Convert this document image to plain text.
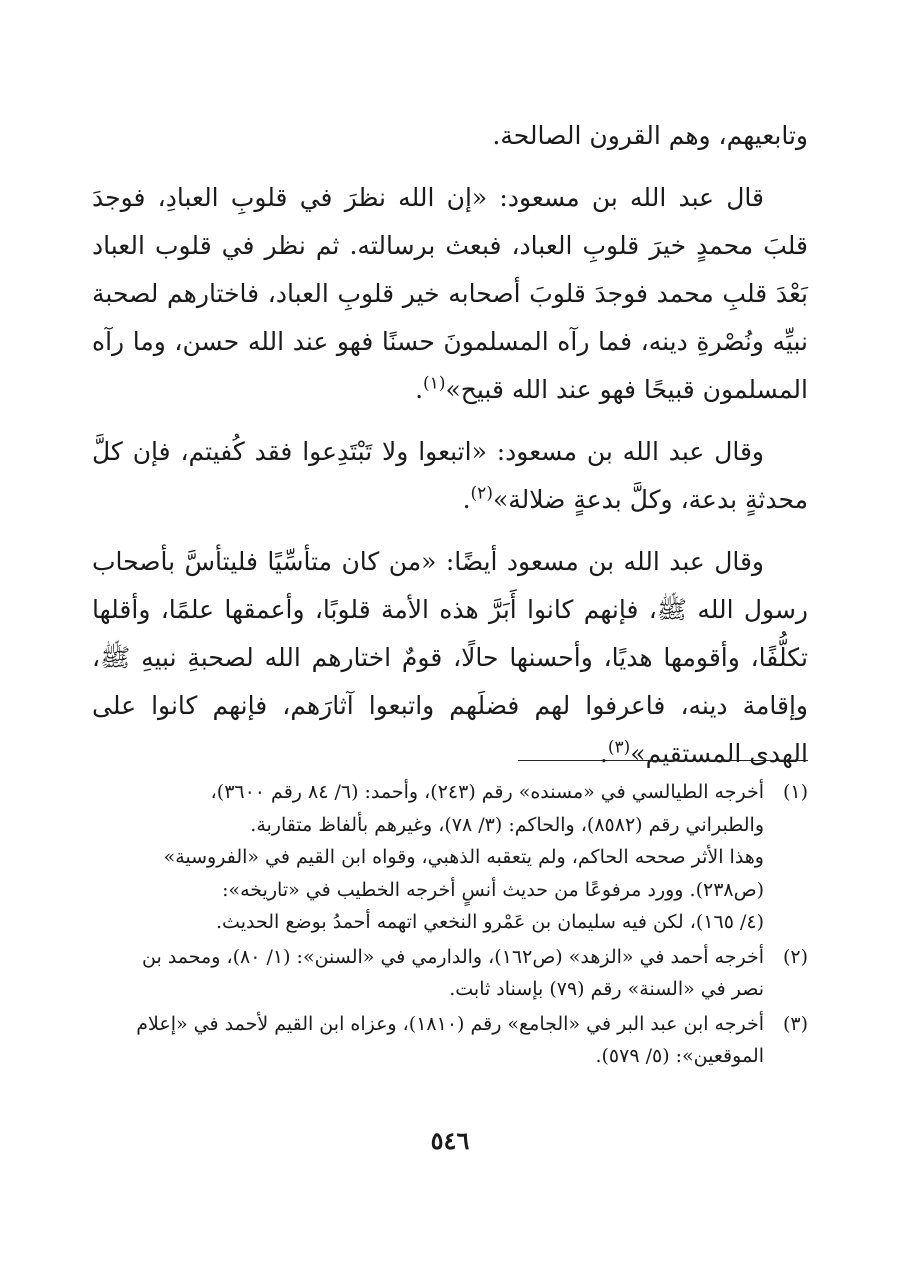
وتابعيهم، وهم القرون الصالحة.

قال عبد الله بن مسعود: «إن الله نظرَ في قلوبِ العبادِ، فوجدَ قلبَ محمدٍ خيرَ قلوبِ العباد، فبعث برسالته. ثم نظر في قلوب العباد بَعْدَ قلبِ محمد فوجدَ قلوبَ أصحابه خير قلوبِ العباد، فاختارهم لصحبة نبيِّه ونُصْرةِ دينه، فما رآه المسلمونَ حسنًا فهو عند الله حسن، وما رآه المسلمون قبيحًا فهو عند الله قبيح»$^{(١)}$.

وقال عبد الله بن مسعود: «اتبعوا ولا تَبْتَدِعوا فقد كُفيتم، فإن كلَّ محدثةٍ بدعة، وكلَّ بدعةٍ ضلالة»$^{(٢)}$.

وقال عبد الله بن مسعود أيضًا: «من كان متأسِّيًا فليتأسَّ بأصحاب رسول الله ﷺ، فإنهم كانوا أَبَرَّ هذه الأمة قلوبًا، وأعمقها علمًا، وأقلها تكلُّفًا، وأقومها هديًا، وأحسنها حالًا، قومٌ اختارهم الله لصحبةِ نبيهِ ﷺ، وإقامة دينه، فاعرفوا لهم فضلَهم واتبعوا آثارَهم، فإنهم كانوا على الهدى المستقيم»$^{(٣)}$.

(١)
أخرجه الطيالسي في «مسنده» رقم (٢٤٣)، وأحمد: (٦/ ٨٤ رقم ٣٦٠٠)،
والطبراني رقم (٨٥٨٢)، والحاكم: (٣/ ٧٨)، وغيرهم بألفاظ متقاربة.
وهذا الأثر صححه الحاكم، ولم يتعقبه الذهبي، وقواه ابن القيم في «الفروسية»
(ص٢٣٨). وورد مرفوعًا من حديث أنسٍ أخرجه الخطيب في «تاريخه»:
(٤/ ١٦٥)، لكن فيه سليمان بن عَمْرو النخعي اتهمه أحمدُ بوضع الحديث.
(٢)
أخرجه أحمد في «الزهد» (ص١٦٢)، والدارمي في «السنن»: (١/ ٨٠)، ومحمد بن
نصر في «السنة» رقم (٧٩) بإسناد ثابت.
(٣)
أخرجه ابن عبد البر في «الجامع» رقم (١٨١٠)، وعزاه ابن القيم لأحمد في «إعلام
الموقعين»: (٥/ ٥٧٩).
٥٤٦
